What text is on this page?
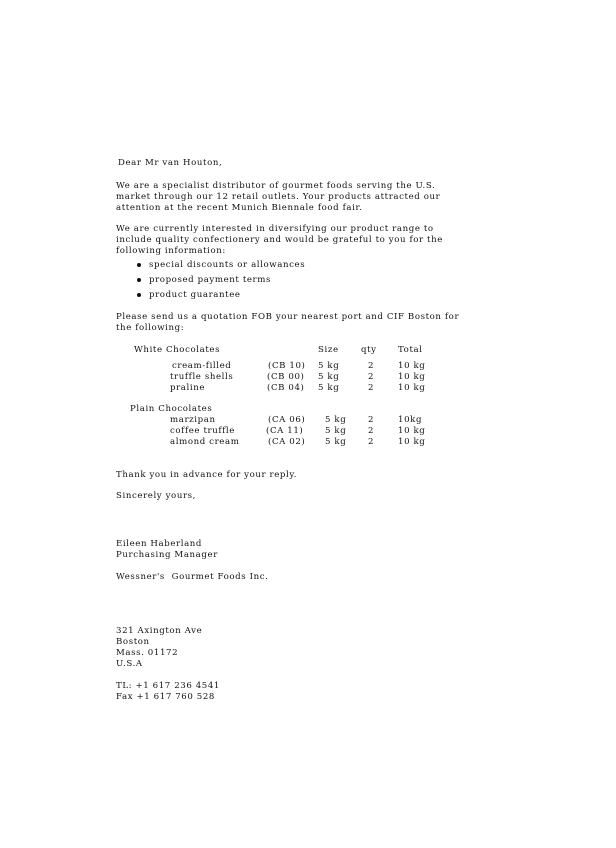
Dear Mr van Houton,
We are a specialist distributor of gourmet foods serving the U.S.
market through our 12 retail outlets. Your products attracted our
attention at the recent Munich Biennale food fair.
We are currently interested in diversifying our product range to
include quality confectionery and would be grateful to you for the
following information:
special discounts or allowances
proposed payment terms
product guarantee
Please send us a quotation FOB your nearest port and CIF Boston for
the following:
White Chocolates	Size	qty Total
cream-filled	(CB 10) 5 kg	2	10 kg
truffle shells	(CB 00) 5 kg	2	10 kg
praline	(CB 04) 5 kg	2	10 kg
Plain Chocolates
marzipan	(CA 06) 5 kg	2	10kg
coffee truffle	(CA 11)	5 kg	2	10 kg
almond cream	(CA 02) 5 kg	2	10 kg
Thank you in advance for your reply.
Sincerely yours,
Eileen Haberland
Purchasing Manager
Wessner's  Gourmet Foods Inc.
321 Axington Ave
Boston
Mass. 01172
U.S.A
TL: +1 617 236 4541
Fax +1 617 760 528
